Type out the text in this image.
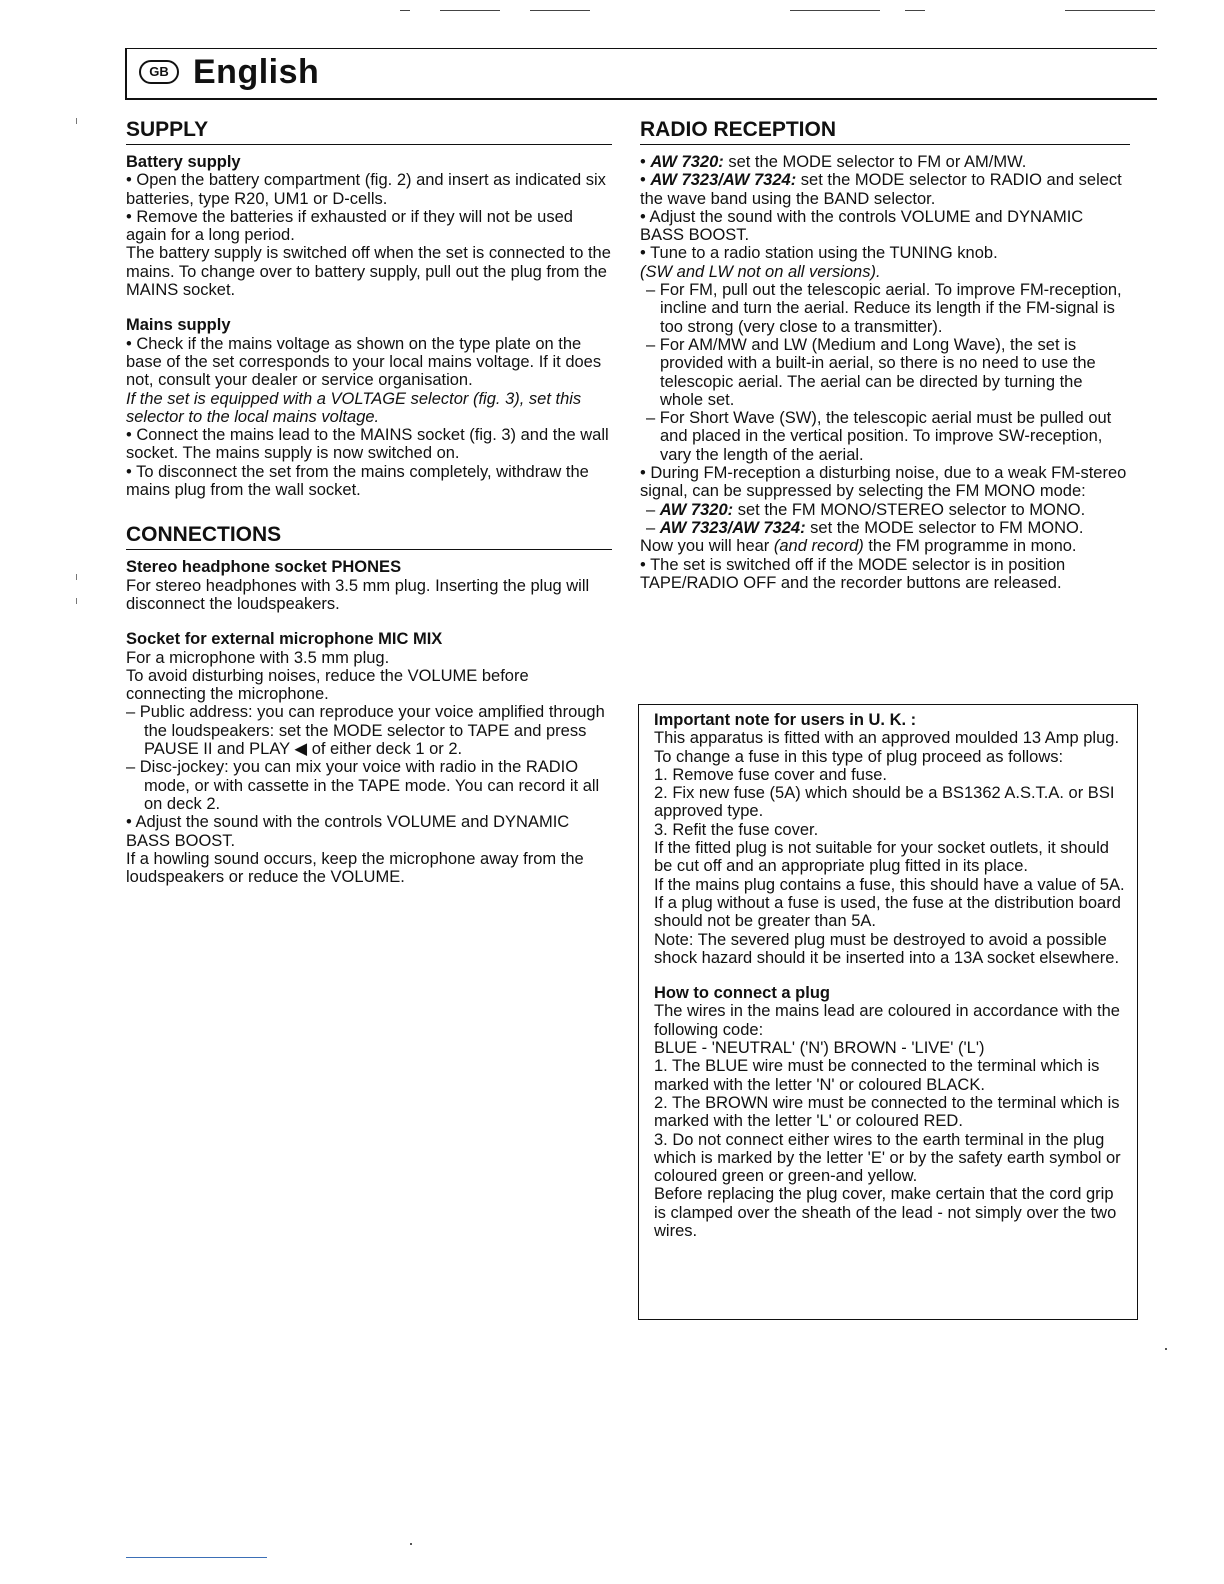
GB English
SUPPLY
Battery supply
• Open the battery compartment (fig. 2) and insert as indicated six batteries, type R20, UM1 or D-cells.
• Remove the batteries if exhausted or if they will not be used again for a long period.
The battery supply is switched off when the set is connected to the mains. To change over to battery supply, pull out the plug from the MAINS socket.
Mains supply
• Check if the mains voltage as shown on the type plate on the base of the set corresponds to your local mains voltage. If it does not, consult your dealer or service organisation.
If the set is equipped with a VOLTAGE selector (fig. 3), set this selector to the local mains voltage.
• Connect the mains lead to the MAINS socket (fig. 3) and the wall socket. The mains supply is now switched on.
• To disconnect the set from the mains completely, withdraw the mains plug from the wall socket.
CONNECTIONS
Stereo headphone socket PHONES
For stereo headphones with 3.5 mm plug. Inserting the plug will disconnect the loudspeakers.
Socket for external microphone MIC MIX
For a microphone with 3.5 mm plug.
To avoid disturbing noises, reduce the VOLUME before connecting the microphone.
– Public address: you can reproduce your voice amplified through the loudspeakers: set the MODE selector to TAPE and press PAUSE II and PLAY ◀ of either deck 1 or 2.
– Disc-jockey: you can mix your voice with radio in the RADIO mode, or with cassette in the TAPE mode. You can record it all on deck 2.
• Adjust the sound with the controls VOLUME and DYNAMIC BASS BOOST.
If a howling sound occurs, keep the microphone away from the loudspeakers or reduce the VOLUME.
RADIO RECEPTION
• AW 7320: set the MODE selector to FM or AM/MW.
• AW 7323/AW 7324: set the MODE selector to RADIO and select the wave band using the BAND selector.
• Adjust the sound with the controls VOLUME and DYNAMIC BASS BOOST.
• Tune to a radio station using the TUNING knob.
(SW and LW not on all versions).
– For FM, pull out the telescopic aerial. To improve FM-reception, incline and turn the aerial. Reduce its length if the FM-signal is too strong (very close to a transmitter).
– For AM/MW and LW (Medium and Long Wave), the set is provided with a built-in aerial, so there is no need to use the telescopic aerial. The aerial can be directed by turning the whole set.
– For Short Wave (SW), the telescopic aerial must be pulled out and placed in the vertical position. To improve SW-reception, vary the length of the aerial.
• During FM-reception a disturbing noise, due to a weak FM-stereo signal, can be suppressed by selecting the FM MONO mode:
– AW 7320: set the FM MONO/STEREO selector to MONO.
– AW 7323/AW 7324: set the MODE selector to FM MONO.
Now you will hear (and record) the FM programme in mono.
• The set is switched off if the MODE selector is in position TAPE/RADIO OFF and the recorder buttons are released.
Important note for users in U. K. :
This apparatus is fitted with an approved moulded 13 Amp plug.
To change a fuse in this type of plug proceed as follows:
1. Remove fuse cover and fuse.
2. Fix new fuse (5A) which should be a BS1362 A.S.T.A. or BSI approved type.
3. Refit the fuse cover.
If the fitted plug is not suitable for your socket outlets, it should be cut off and an appropriate plug fitted in its place.
If the mains plug contains a fuse, this should have a value of 5A. If a plug without a fuse is used, the fuse at the distribution board should not be greater than 5A.
Note: The severed plug must be destroyed to avoid a possible shock hazard should it be inserted into a 13A socket elsewhere.
How to connect a plug
The wires in the mains lead are coloured in accordance with the following code:
BLUE - 'NEUTRAL' ('N') BROWN - 'LIVE' ('L')
1. The BLUE wire must be connected to the terminal which is marked with the letter 'N' or coloured BLACK.
2. The BROWN wire must be connected to the terminal which is marked with the letter 'L' or coloured RED.
3. Do not connect either wires to the earth terminal in the plug which is marked by the letter 'E' or by the safety earth symbol or coloured green or green-and yellow.
Before replacing the plug cover, make certain that the cord grip is clamped over the sheath of the lead - not simply over the two wires.
